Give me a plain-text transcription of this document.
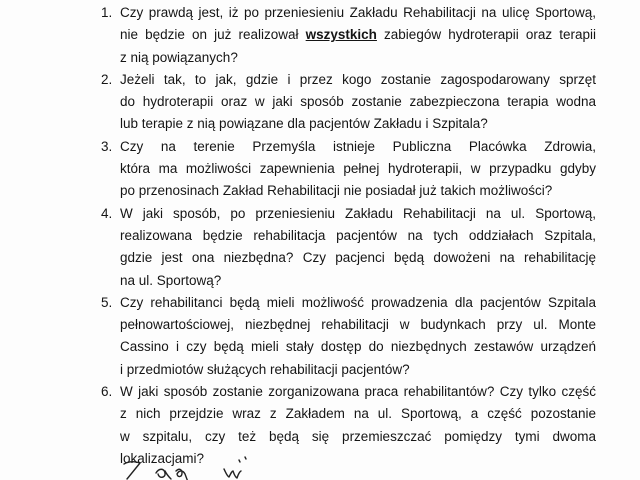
1. Czy prawdą jest, iż po przeniesieniu Zakładu Rehabilitacji na ulicę Sportową,
nie będzie on już realizował wszystkich zabiegów hydroterapii oraz terapii
z nią powiązanych?
2. Jeżeli tak, to jak, gdzie i przez kogo zostanie zagospodarowany sprzęt
do hydroterapii oraz w jaki sposób zostanie zabezpieczona terapia wodna
lub terapie z nią powiązane dla pacjentów Zakładu i Szpitala?
3. Czy na terenie Przemyśla istnieje Publiczna Placówka Zdrowia,
która ma możliwości zapewnienia pełnej hydroterapii, w przypadku gdyby
po przenosinach Zakład Rehabilitacji nie posiadał już takich możliwości?
4. W jaki sposób, po przeniesieniu Zakładu Rehabilitacji na ul. Sportową,
realizowana będzie rehabilitacja pacjentów na tych oddziałach Szpitala,
gdzie jest ona niezbędna? Czy pacjenci będą dowożeni na rehabilitację
na ul. Sportową?
5. Czy rehabilitanci będą mieli możliwość prowadzenia dla pacjentów Szpitala
pełnowartościowej, niezbędnej rehabilitacji w budynkach przy ul. Monte
Cassino i czy będą mieli stały dostęp do niezbędnych zestawów urządzeń
i przedmiotów służących rehabilitacji pacjentów?
6. W jaki sposób zostanie zorganizowana praca rehabilitantów? Czy tylko część
z nich przejdzie wraz z Zakładem na ul. Sportową, a część pozostanie
w szpitalu, czy też będą się przemieszczać pomiędzy tymi dwoma
lokalizacjami?
